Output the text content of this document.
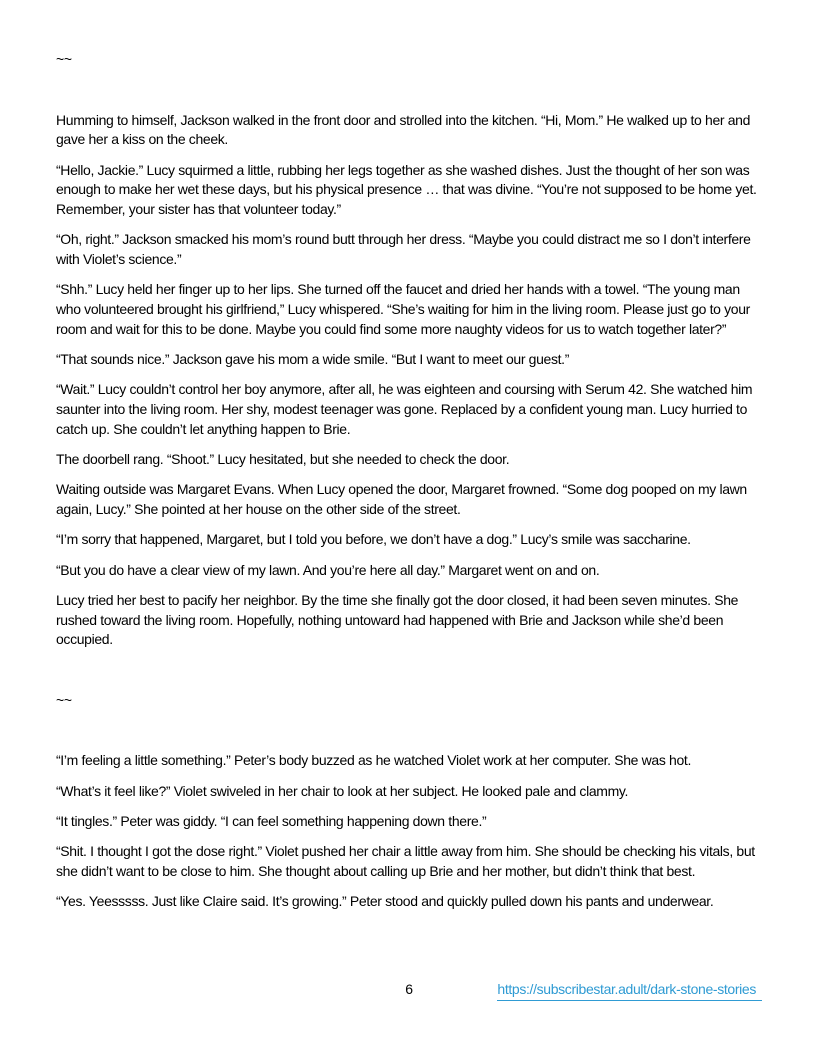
~~

Humming to himself, Jackson walked in the front door and strolled into the kitchen. “Hi, Mom.” He walked up to her and gave her a kiss on the cheek.

“Hello, Jackie.” Lucy squirmed a little, rubbing her legs together as she washed dishes. Just the thought of her son was enough to make her wet these days, but his physical presence … that was divine. “You’re not supposed to be home yet. Remember, your sister has that volunteer today.”

“Oh, right.” Jackson smacked his mom’s round butt through her dress. “Maybe you could distract me so I don’t interfere with Violet’s science.”

“Shh.” Lucy held her finger up to her lips. She turned off the faucet and dried her hands with a towel. “The young man who volunteered brought his girlfriend,” Lucy whispered. “She’s waiting for him in the living room. Please just go to your room and wait for this to be done. Maybe you could find some more naughty videos for us to watch together later?”

“That sounds nice.” Jackson gave his mom a wide smile. “But I want to meet our guest.”

“Wait.” Lucy couldn’t control her boy anymore, after all, he was eighteen and coursing with Serum 42. She watched him saunter into the living room. Her shy, modest teenager was gone. Replaced by a confident young man. Lucy hurried to catch up. She couldn’t let anything happen to Brie.

The doorbell rang. “Shoot.” Lucy hesitated, but she needed to check the door.

Waiting outside was Margaret Evans. When Lucy opened the door, Margaret frowned. “Some dog pooped on my lawn again, Lucy.” She pointed at her house on the other side of the street.

“I’m sorry that happened, Margaret, but I told you before, we don’t have a dog.” Lucy’s smile was saccharine.

“But you do have a clear view of my lawn. And you’re here all day.” Margaret went on and on.

Lucy tried her best to pacify her neighbor. By the time she finally got the door closed, it had been seven minutes. She rushed toward the living room. Hopefully, nothing untoward had happened with Brie and Jackson while she’d been occupied.

~~

“I’m feeling a little something.” Peter’s body buzzed as he watched Violet work at her computer. She was hot.

“What’s it feel like?” Violet swiveled in her chair to look at her subject. He looked pale and clammy.

“It tingles.” Peter was giddy. “I can feel something happening down there.”

“Shit. I thought I got the dose right.” Violet pushed her chair a little away from him. She should be checking his vitals, but she didn’t want to be close to him. She thought about calling up Brie and her mother, but didn’t think that best.

“Yes. Yeesssss. Just like Claire said. It’s growing.” Peter stood and quickly pulled down his pants and underwear.

6	https://subscribestar.adult/dark-stone-stories
